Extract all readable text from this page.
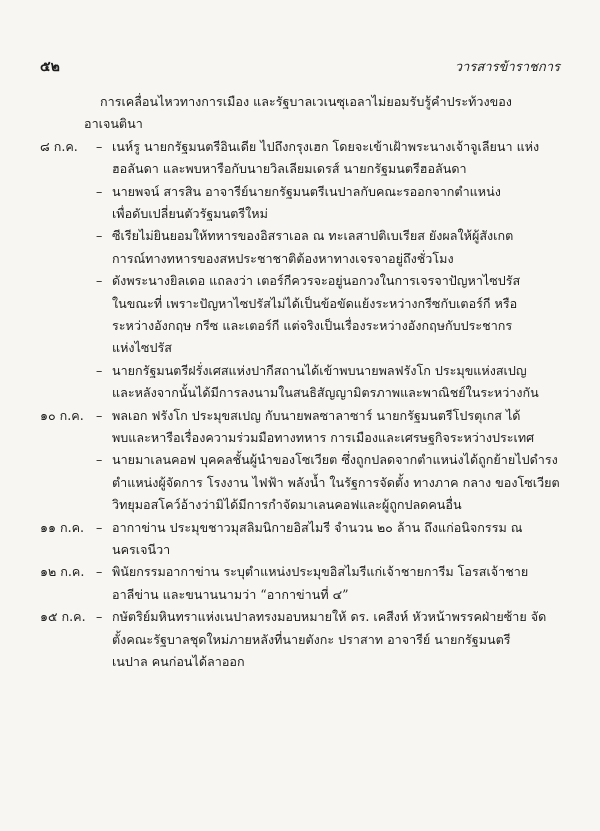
๕๒	วารสารข้าราชการ
การเคลื่อนไหวทางการเมือง และรัฐบาลเวเนซุเอลาไม่ยอมรับรู้คำประท้วงของ
อาเจนตินา
๘ ก.ค. – เนห์รู นายกรัฐมนตรีอินเดีย ไปถึงกรุงเฮก โดยจะเข้าเฝ้าพระนางเจ้าจูเลียนา แห่ง
ฮอลันดา และพบหารือกับนายวิลเลียมเดรส์ นายกรัฐมนตรีฮอลันดา
– นายพจน์ สารสิน อาจารีย์นายกรัฐมนตรีเนปาลกับคณะรออกจากตำแหน่ง
เพื่อดับเปลี่ยนตัวรัฐมนตรีใหม่
– ซีเรียไม่ยินยอมให้ทหารของอิสราเอล ณ ทะเลสาปติเบเรียส ยังผลให้ผู้สังเกต
การณ์ทางทหารของสหประชาชาติต้องหาทางเจรจาอยู่ถึงชั่วโมง
– ดังพระนางยิลเดอ แถลงว่า เตอร์กีควรจะอยู่นอกวงในการเจรจาปัญหาไซปรัส
ในขณะที่ เพราะปัญหาไซปรัสไม่ได้เป็นข้อขัดแย้งระหว่างกรีซกับเตอร์กี หรือ
ระหว่างอังกฤษ กรีซ และเตอร์กี แต่จริงเป็นเรื่องระหว่างอังกฤษกับประชากร
แห่งไซปรัส
– นายกรัฐมนตรีฝรั่งเศสแห่งปากีสถานได้เข้าพบนายพลฟรังโก ประมุขแห่งสเปญ
และหลังจากนั้นได้มีการลงนามในสนธิสัญญามิตรภาพและพาณิชย์ในระหว่างกัน
๑๐ ก.ค. – พลเอก ฟรังโก ประมุขสเปญ กับนายพลซาลาซาร์ นายกรัฐมนตรีโปรตุเกส ได้
พบและหารือเรื่องความร่วมมือทางทหาร การเมืองและเศรษฐกิจระหว่างประเทศ
– นายมาเลนคอฟ บุคคลชั้นผู้นำของโซเวียต ซึ่งถูกปลดจากตำแหน่งได้ถูกย้ายไปดำรง
ตำแหน่งผู้จัดการ โรงงาน ไฟฟ้า พลังน้ำ ในรัฐการจัดตั้ง ทางภาค กลาง ของโซเวียต
วิทยุมอสโคว์อ้างว่ามิได้มีการกำจัดมาเลนคอฟและผู้ถูกปลดคนอื่น
๑๑ ก.ค. – อากาข่าน ประมุขชาวมุสลิมนิกายอิสไมรี จำนวน ๒๐ ล้าน ถึงแก่อนิจกรรม ณ
นครเจนีวา
๑๒ ก.ค. – พินัยกรรมอากาข่าน ระบุตำแหน่งประมุขอิสไมรีแก่เจ้าชายการีม โอรสเจ้าชาย
อาลีข่าน และขนานนามว่า “อากาข่านที่ ๔”
๑๕ ก.ค. – กษัตริย์มหินทราแห่งเนปาลทรงมอบหมายให้ ดร. เคสีงห์ หัวหน้าพรรคฝ่ายซ้าย จัด
ตั้งคณะรัฐบาลชุดใหม่ภายหลังที่นายตังกะ ปราสาท อาจารีย์ นายกรัฐมนตรี
เนปาล คนก่อนได้ลาออก
